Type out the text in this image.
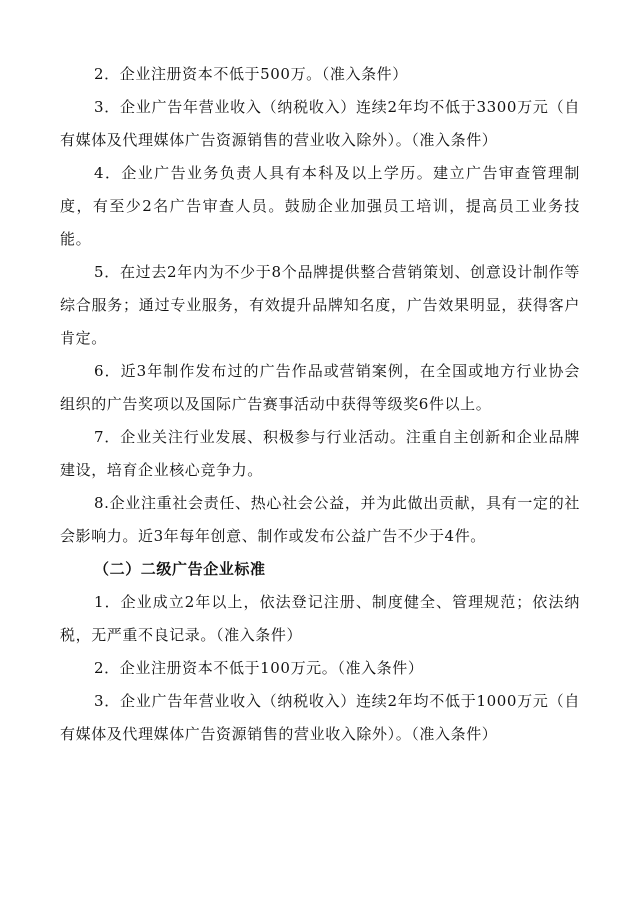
2．企业注册资本不低于500万。（准入条件）

3．企业广告年营业收入（纳税收入）连续2年均不低于3300万元（自有媒体及代理媒体广告资源销售的营业收入除外）。（准入条件）

4．企业广告业务负责人具有本科及以上学历。建立广告审查管理制度，有至少2名广告审查人员。鼓励企业加强员工培训，提高员工业务技能。

5．在过去2年内为不少于8个品牌提供整合营销策划、创意设计制作等综合服务；通过专业服务，有效提升品牌知名度，广告效果明显，获得客户肯定。

6．近3年制作发布过的广告作品或营销案例，在全国或地方行业协会组织的广告奖项以及国际广告赛事活动中获得等级奖6件以上。

7．企业关注行业发展、积极参与行业活动。注重自主创新和企业品牌建设，培育企业核心竞争力。

8.企业注重社会责任、热心社会公益，并为此做出贡献，具有一定的社会影响力。近3年每年创意、制作或发布公益广告不少于4件。

（二）二级广告企业标准

1．企业成立2年以上，依法登记注册、制度健全、管理规范；依法纳税，无严重不良记录。（准入条件）

2．企业注册资本不低于100万元。（准入条件）

3．企业广告年营业收入（纳税收入）连续2年均不低于1000万元（自有媒体及代理媒体广告资源销售的营业收入除外）。（准入条件）
